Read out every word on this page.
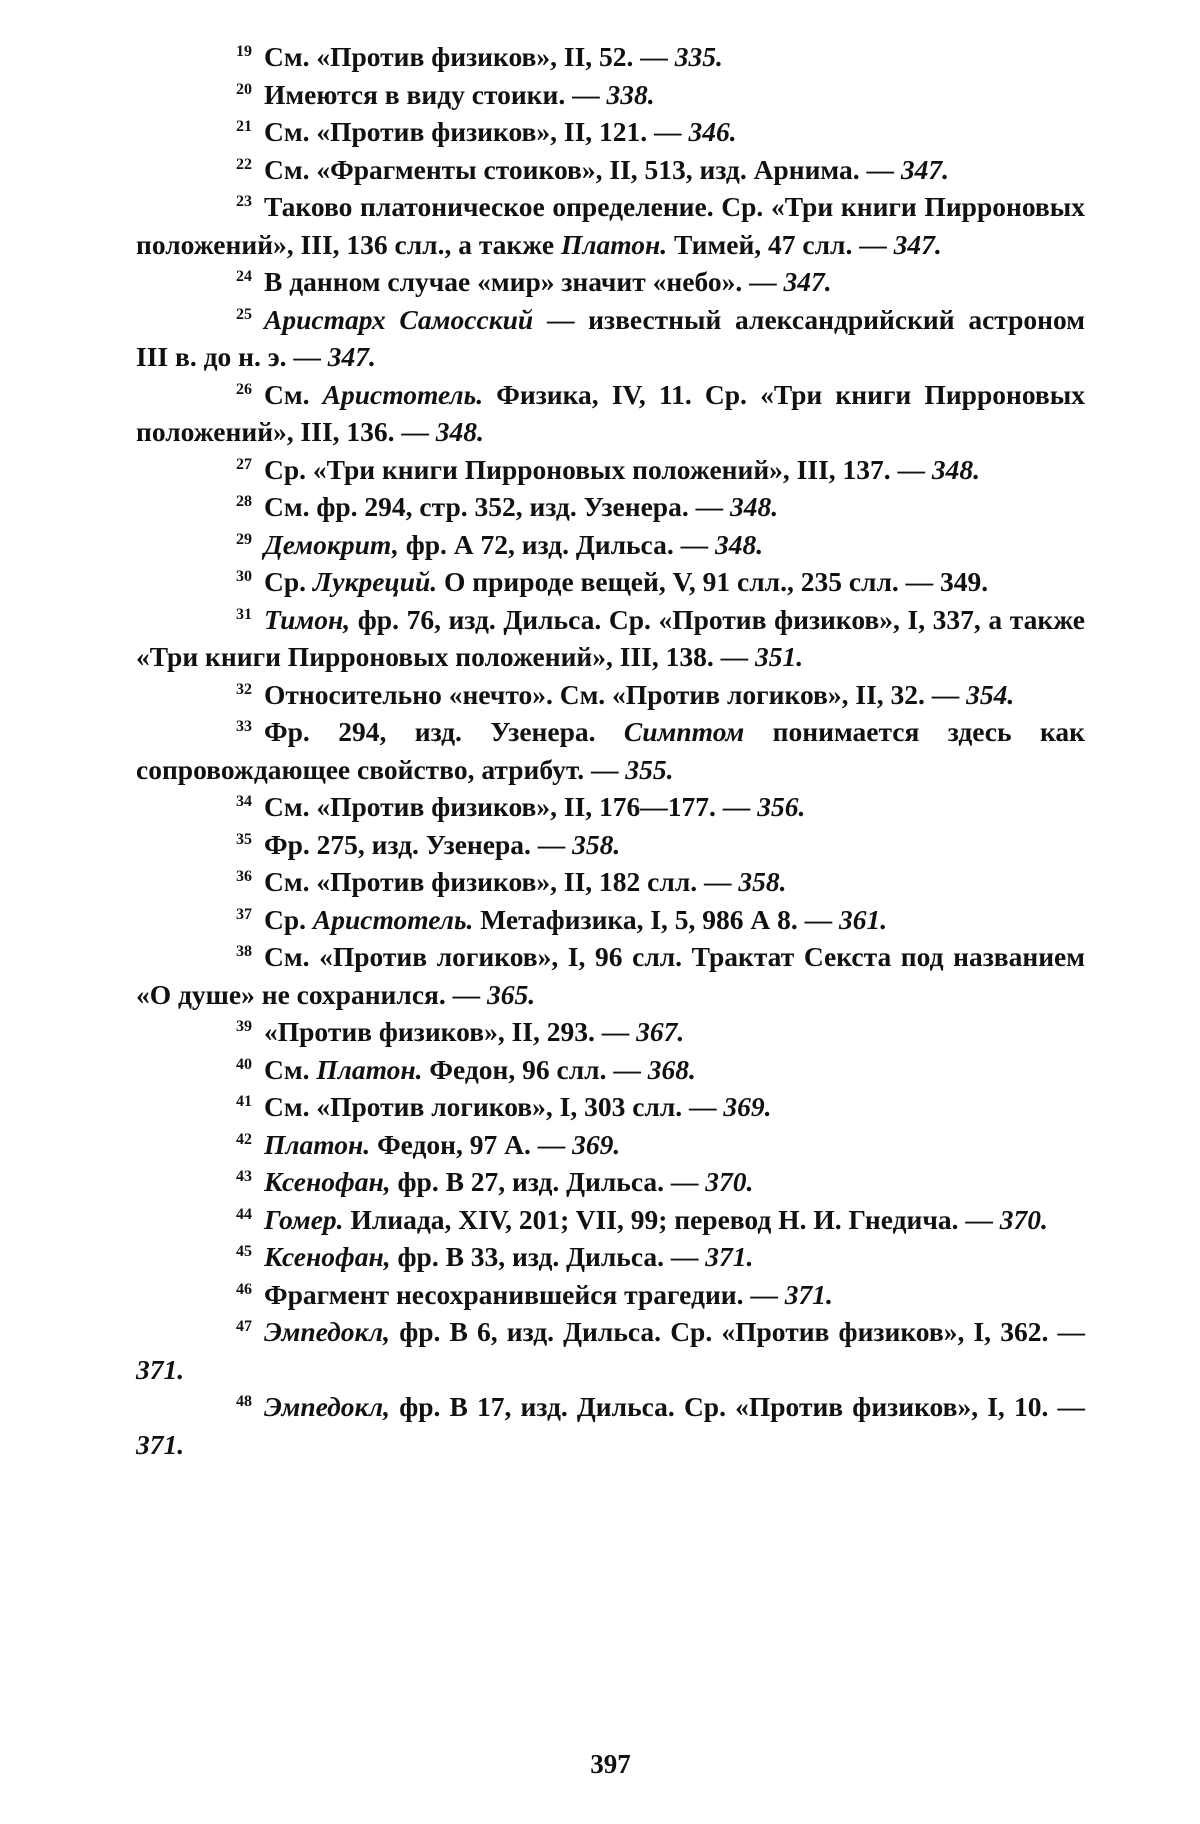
$^{19}$ См. «Против физиков», II, 52. — 335.

$^{20}$ Имеются в виду стоики. — 338.

$^{21}$ См. «Против физиков», II, 121. — 346.

$^{22}$ См. «Фрагменты стоиков», II, 513, изд. Арнима. — 347.

$^{23}$ Таково платоническое определение. Ср. «Три книги Пирроновых положений», III, 136 слл., а также Платон. Тимей, 47 слл. — 347.

$^{24}$ В данном случае «мир» значит «небо». — 347.

$^{25}$ Аристарх Самосский — известный александрийский астроном III в. до н. э. — 347.

$^{26}$ См. Аристотель. Физика, IV, 11. Ср. «Три книги Пирроновых положений», III, 136. — 348.

$^{27}$ Ср. «Три книги Пирроновых положений», III, 137. — 348.

$^{28}$ См. фр. 294, стр. 352, изд. Узенера. — 348.

$^{29}$ Демокрит, фр. А 72, изд. Дильса. — 348.

$^{30}$ Ср. Лукреций. О природе вещей, V, 91 слл., 235 слл. — 349.

$^{31}$ Тимон, фр. 76, изд. Дильса. Ср. «Против физиков», I, 337, а также «Три книги Пирроновых положений», III, 138. — 351.

$^{32}$ Относительно «нечто». См. «Против логиков», II, 32. — 354.

$^{33}$ Фр. 294, изд. Узенера. Симптом понимается здесь как сопровождающее свойство, атрибут. — 355.

$^{34}$ См. «Против физиков», II, 176—177. — 356.

$^{35}$ Фр. 275, изд. Узенера. — 358.

$^{36}$ См. «Против физиков», II, 182 слл. — 358.

$^{37}$ Ср. Аристотель. Метафизика, I, 5, 986 А 8. — 361.

$^{38}$ См. «Против логиков», I, 96 слл. Трактат Секста под названием «О душе» не сохранился. — 365.

$^{39}$ «Против физиков», II, 293. — 367.

$^{40}$ См. Платон. Федон, 96 слл. — 368.

$^{41}$ См. «Против логиков», I, 303 слл. — 369.

$^{42}$ Платон. Федон, 97 А. — 369.

$^{43}$ Ксенофан, фр. В 27, изд. Дильса. — 370.

$^{44}$ Гомер. Илиада, XIV, 201; VII, 99; перевод Н. И. Гнедича. — 370.

$^{45}$ Ксенофан, фр. В 33, изд. Дильса. — 371.

$^{46}$ Фрагмент несохранившейся трагедии. — 371.

$^{47}$ Эмпедокл, фр. В 6, изд. Дильса. Ср. «Против физиков», I, 362. — 371.

$^{48}$ Эмпедокл, фр. В 17, изд. Дильса. Ср. «Против физиков», I, 10. — 371.

397
